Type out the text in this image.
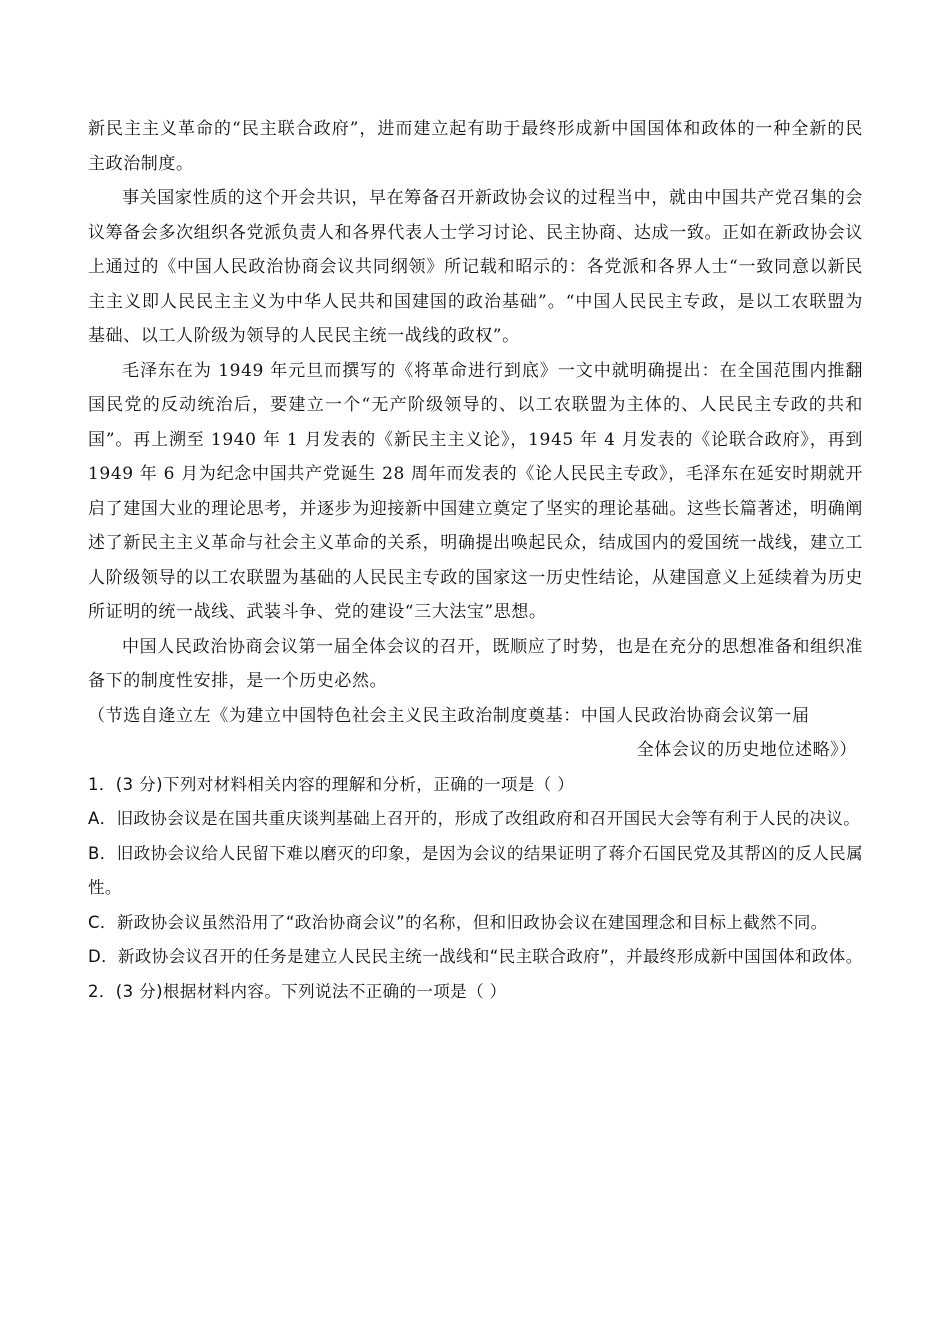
新民主主义革命的“民主联合政府”，进而建立起有助于最终形成新中国国体和政体的一种全新的民主政治制度。

事关国家性质的这个开会共识，早在筹备召开新政协会议的过程当中，就由中国共产党召集的会议筹备会多次组织各党派负责人和各界代表人士学习讨论、民主协商、达成一致。正如在新政协会议上通过的《中国人民政治协商会议共同纲领》所记载和昭示的：各党派和各界人士“一致同意以新民主主义即人民民主主义为中华人民共和国建国的政治基础”。“中国人民民主专政，是以工农联盟为基础、以工人阶级为领导的人民民主统一战线的政权”。

毛泽东在为 1949 年元旦而撰写的《将革命进行到底》一文中就明确提出：在全国范围内推翻国民党的反动统治后，要建立一个“无产阶级领导的、以工农联盟为主体的、人民民主专政的共和国”。再上溯至 1940 年 1 月发表的《新民主主义论》，1945 年 4 月发表的《论联合政府》，再到 1949 年 6 月为纪念中国共产党诞生 28 周年而发表的《论人民民主专政》，毛泽东在延安时期就开启了建国大业的理论思考，并逐步为迎接新中国建立奠定了坚实的理论基础。这些长篇著述，明确阐述了新民主主义革命与社会主义革命的关系，明确提出唤起民众，结成国内的爱国统一战线，建立工人阶级领导的以工农联盟为基础的人民民主专政的国家这一历史性结论，从建国意义上延续着为历史所证明的统一战线、武装斗争、党的建设“三大法宝”思想。

中国人民政治协商会议第一届全体会议的召开，既顺应了时势，也是在充分的思想准备和组织准备下的制度性安排，是一个历史必然。

（节选自逄立左《为建立中国特色社会主义民主政治制度奠基：中国人民政治协商会议第一届

全体会议的历史地位述略》）

1．(3 分)下列对材料相关内容的理解和分析，正确的一项是（ ）

A．旧政协会议是在国共重庆谈判基础上召开的，形成了改组政府和召开国民大会等有利于人民的决议。

B．旧政协会议给人民留下难以磨灭的印象，是因为会议的结果证明了蒋介石国民党及其帮凶的反人民属性。

C．新政协会议虽然沿用了“政治协商会议”的名称，但和旧政协会议在建国理念和目标上截然不同。

D．新政协会议召开的任务是建立人民民主统一战线和“民主联合政府”，并最终形成新中国国体和政体。

2．(3 分)根据材料内容。下列说法不正确的一项是（ ）
